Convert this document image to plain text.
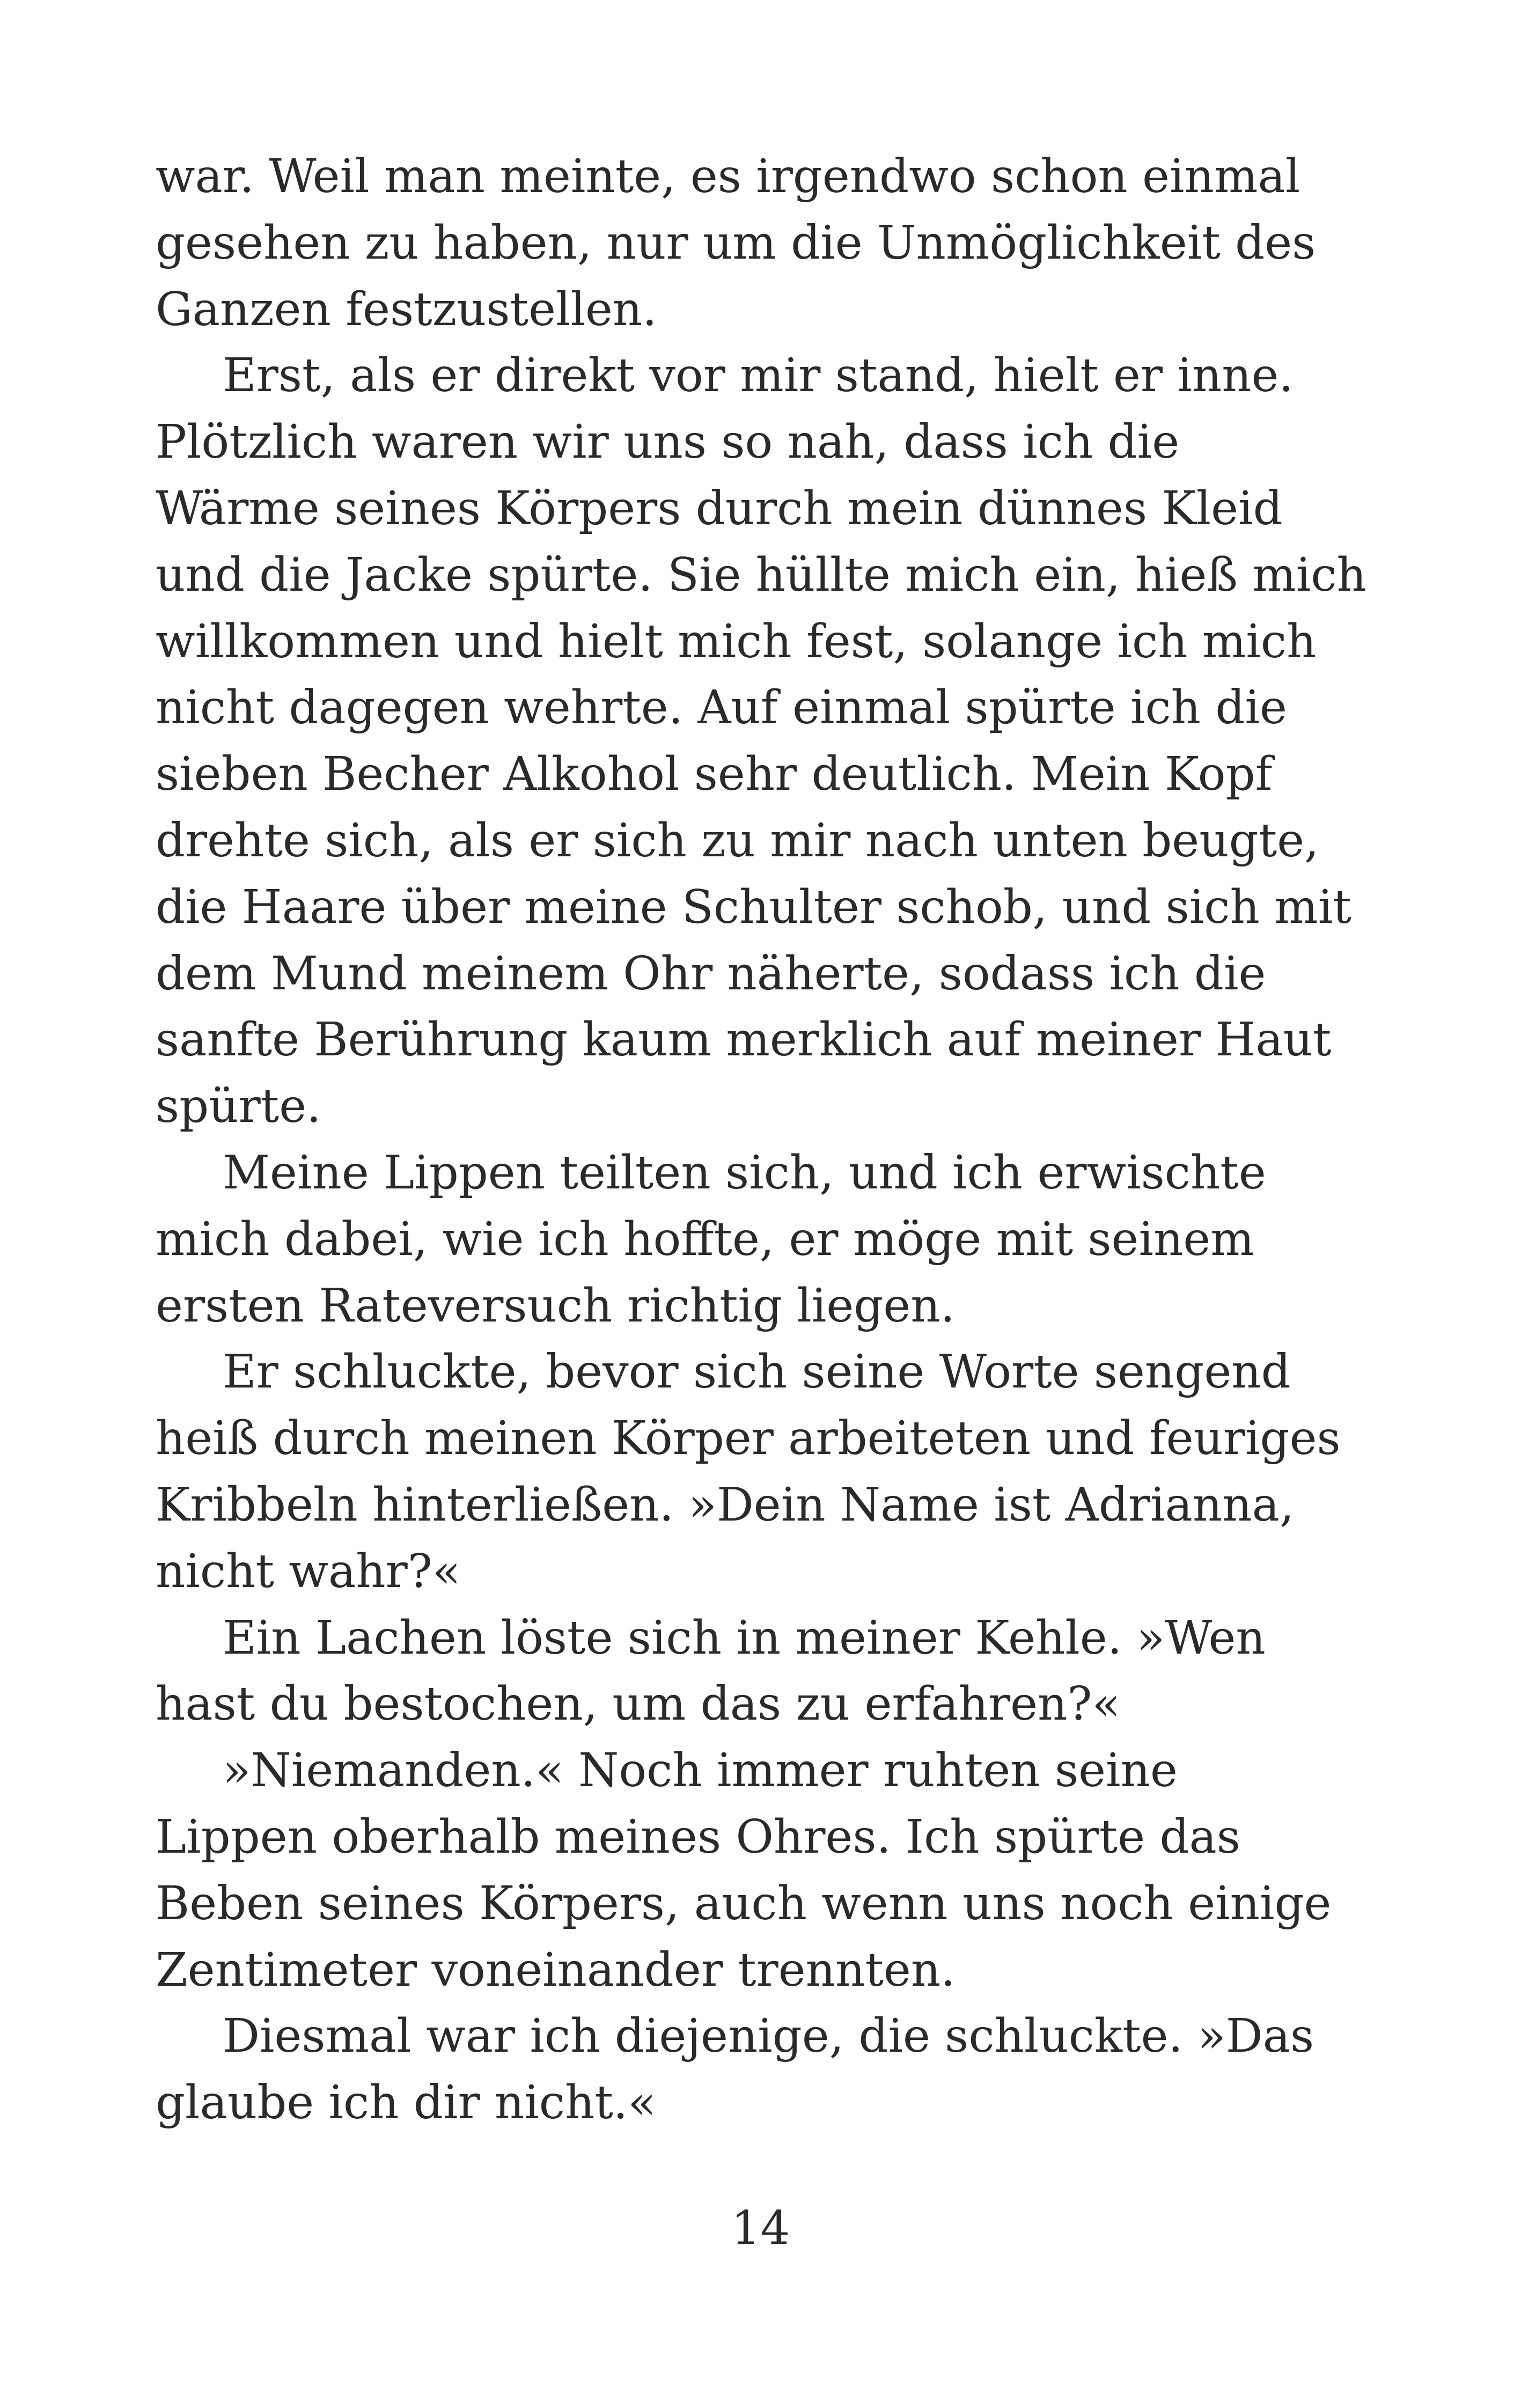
war. Weil man meinte, es irgendwo schon einmal
gesehen zu haben, nur um die Unmöglichkeit des
Ganzen festzustellen.
Erst, als er direkt vor mir stand, hielt er inne.
Plötzlich waren wir uns so nah, dass ich die
Wärme seines Körpers durch mein dünnes Kleid
und die Jacke spürte. Sie hüllte mich ein, hieß mich
willkommen und hielt mich fest, solange ich mich
nicht dagegen wehrte. Auf einmal spürte ich die
sieben Becher Alkohol sehr deutlich. Mein Kopf
drehte sich, als er sich zu mir nach unten beugte,
die Haare über meine Schulter schob, und sich mit
dem Mund meinem Ohr näherte, sodass ich die
sanfte Berührung kaum merklich auf meiner Haut
spürte.
Meine Lippen teilten sich, und ich erwischte
mich dabei, wie ich hoffte, er möge mit seinem
ersten Rateversuch richtig liegen.
Er schluckte, bevor sich seine Worte sengend
heiß durch meinen Körper arbeiteten und feuriges
Kribbeln hinterließen. »Dein Name ist Adrianna,
nicht wahr?«
Ein Lachen löste sich in meiner Kehle. »Wen
hast du bestochen, um das zu erfahren?«
»Niemanden.« Noch immer ruhten seine
Lippen oberhalb meines Ohres. Ich spürte das
Beben seines Körpers, auch wenn uns noch einige
Zentimeter voneinander trennten.
Diesmal war ich diejenige, die schluckte. »Das
glaube ich dir nicht.«
14
